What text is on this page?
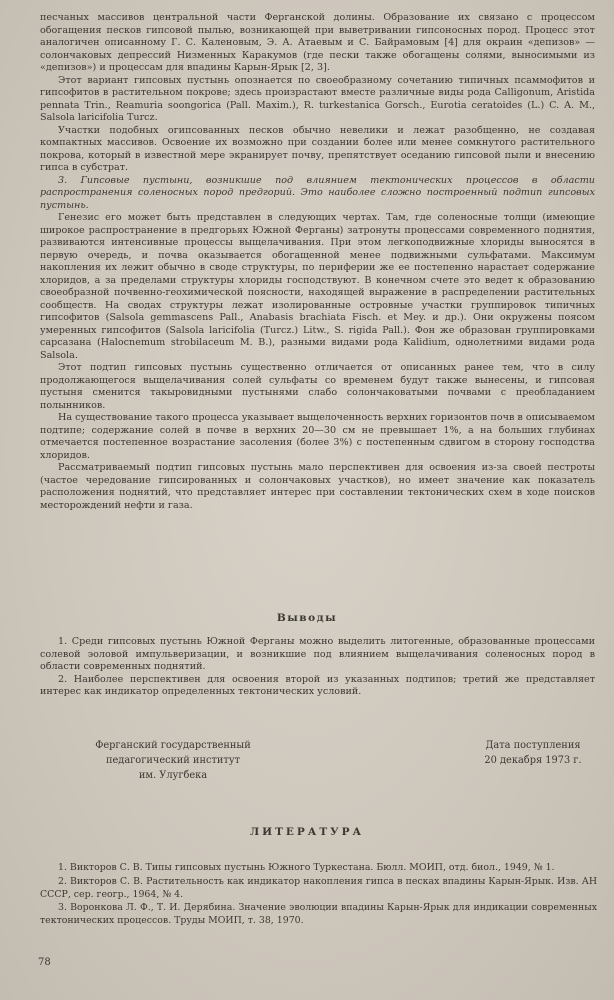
песчаных массивов центральной части Ферганской долины. Образование их связано с процессом обогащения песков гипсовой пылью, возникающей при выветривании гипсоносных пород. Процесс этот аналогичен описанному Г. С. Каленовым, Э. А. Атаевым и С. Байрамовым [4] для окраин «депизов» — солончаковых депрессий Низменных Каракумов (где пески также обогащены солями, выносимыми из «депизов») и процессам для впадины Карын-Ярык [2, 3].

Этот вариант гипсовых пустынь опознается по своеобразному сочетанию типичных псаммофитов и гипсофитов в растительном покрове; здесь произрастают вместе различные виды рода Calligonum, Aristida pennata Trin., Reamuria soongorica (Pall. Maxim.), R. turkestanica Gorsch., Eurotia ceratoides (L.) C. A. M., Salsola laricifolia Turcz.

Участки подобных огипсованных песков обычно невелики и лежат разобщенно, не создавая компактных массивов. Освоение их возможно при создании более или менее сомкнутого растительного покрова, который в известной мере экранирует почву, препятствует оседанию гипсовой пыли и внесению гипса в субстрат.

3. Гипсовые пустыни, возникшие под влиянием тектонических процессов в области распространения соленосных пород предгорий. Это наиболее сложно построенный подтип гипсовых пустынь.

Генезис его может быть представлен в следующих чертах. Там, где соленосные толщи (имеющие широкое распространение в предгорьях Южной Ферганы) затронуты процессами современного поднятия, развиваются интенсивные процессы выщелачивания. При этом легкоподвижные хлориды выносятся в первую очередь, и почва оказывается обогащенной менее подвижными сульфатами. Максимум накопления их лежит обычно в своде структуры, по периферии же ее постепенно нарастает содержание хлоридов, а за пределами структуры хлориды господствуют. В конечном счете это ведет к образованию своеобразной почвенно-геохимической поясности, находящей выражение в распределении растительных сообществ. На сводах структуры лежат изолированные островные участки группировок типичных гипсофитов (Salsola gemmascens Pall., Anabasis brachiata Fisch. et Mey. и др.). Они окружены поясом умеренных гипсофитов (Salsola laricifolia (Turcz.) Litw., S. rigida Pall.). Фон же образован группировками сарсазана (Halocnemum strobilaceum M. B.), разными видами рода Kalidium, однолетними видами рода Salsola.

Этот подтип гипсовых пустынь существенно отличается от описанных ранее тем, что в силу продолжающегося выщелачивания солей сульфаты со временем будут также вынесены, и гипсовая пустыня сменится такыровидными пустынями слабо солончаковатыми почвами с преобладанием полынников.

На существование такого процесса указывает выщелоченность верхних горизонтов почв в описываемом подтипе; содержание солей в почве в верхних 20—30 см не превышает 1%, а на больших глубинах отмечается постепенное возрастание засоления (более 3%) с постепенным сдвигом в сторону господства хлоридов.

Рассматриваемый подтип гипсовых пустынь мало перспективен для освоения из-за своей пестроты (частое чередование гипсированных и солончаковых участков), но имеет значение как показатель расположения поднятий, что представляет интерес при составлении тектонических схем в ходе поисков месторождений нефти и газа.

Выводы

1. Среди гипсовых пустынь Южной Ферганы можно выделить литогенные, образованные процессами солевой эоловой импульверизации, и возникшие под влиянием выщелачивания соленосных пород в области современных поднятий.

2. Наиболее перспективен для освоения второй из указанных подтипов; третий же представляет интерес как индикатор определенных тектонических условий.

Ферганский государственный
педагогический институт
им. Улугбека
Дата поступления
20 декабря 1973 г.
ЛИТЕРАТУРА

1. Викторов С. В. Типы гипсовых пустынь Южного Туркестана. Бюлл. МОИП, отд. биол., 1949, № 1.

2. Викторов С. В. Растительность как индикатор накопления гипса в песках впадины Карын-Ярык. Изв. АН СССР, сер. геогр., 1964, № 4.

3. Воронкова Л. Ф., Т. И. Дерябина. Значение эволюции впадины Карын-Ярык для индикации современных тектонических процессов. Труды МОИП, т. 38, 1970.

78
